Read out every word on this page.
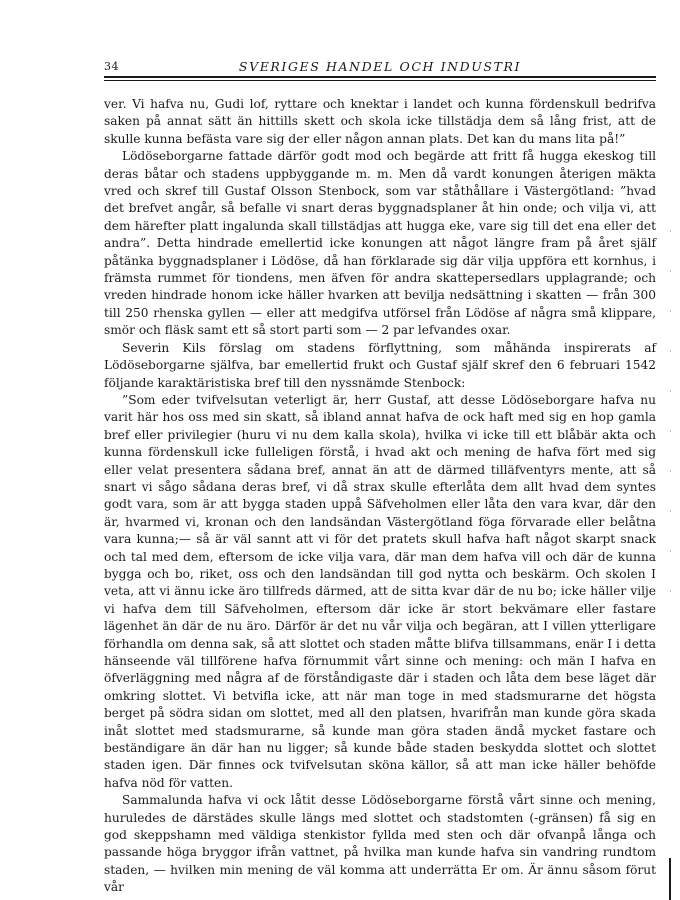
34	SVERIGES HANDEL OCH INDUSTRI

ver. Vi hafva nu, Gudi lof, ryttare och knektar i landet och kunna fördenskull bedrifva saken på annat sätt än hittills skett och skola icke tillstädja dem så lång frist, att de skulle kunna befästa vare sig der eller någon annan plats. Det kan du mans lita på!”

Lödöseborgarne fattade därför godt mod och begärde att fritt få hugga ekeskog till deras båtar och stadens uppbyggande m. m. Men då vardt konungen återigen mäkta vred och skref till Gustaf Olsson Stenbock, som var ståthållare i Västergötland: ”hvad det brefvet angår, så befalle vi snart deras byggnadsplaner åt hin onde; och vilja vi, att dem härefter platt ingalunda skall tillstädjas att hugga eke, vare sig till det ena eller det andra”. Detta hindrade emellertid icke konungen att något längre fram på året själf påtänka byggnadsplaner i Lödöse, då han förklarade sig där vilja uppföra ett kornhus, i främsta rummet för tiondens, men äfven för andra skattepersedlars upplagrande; och vreden hindrade honom icke häller hvarken att bevilja nedsättning i skatten — från 300 till 250 rhenska gyllen — eller att medgifva utförsel från Lödöse af några små klippare, smör och fläsk samt ett så stort parti som — 2 par lefvandes oxar.

Severin Kils förslag om stadens förflyttning, som måhända inspirerats af Lödöseborgarne själfva, bar emellertid frukt och Gustaf själf skref den 6 februari 1542 följande karaktäristiska bref till den nyssnämde Stenbock:

”Som eder tvifvelsutan veterligt är, herr Gustaf, att desse Lödöseborgare hafva nu varit här hos oss med sin skatt, så ibland annat hafva de ock haft med sig en hop gamla bref eller privilegier (huru vi nu dem kalla skola), hvilka vi icke till ett blåbär akta och kunna fördenskull icke fulleligen förstå, i hvad akt och mening de hafva fört med sig eller velat presentera sådana bref, annat än att de därmed tilläfventyrs mente, att så snart vi sågo sådana deras bref, vi då strax skulle efterlåta dem allt hvad dem syntes godt vara, som är att bygga staden uppå Säfveholmen eller låta den vara kvar, där den är, hvarmed vi, kronan och den landsändan Västergötland föga förvarade eller belåtna vara kunna;— så är väl sannt att vi för det pratets skull hafva haft något skarpt snack och tal med dem, eftersom de icke vilja vara, där man dem hafva vill och där de kunna bygga och bo, riket, oss och den landsändan till god nytta och beskärm. Och skolen I veta, att vi ännu icke äro tillfreds därmed, att de sitta kvar där de nu bo; icke häller vilje vi hafva dem till Säfveholmen, eftersom där icke är stort bekvämare eller fastare lägenhet än där de nu äro. Därför är det nu vår vilja och begäran, att I villen ytterligare förhandla om denna sak, så att slottet och staden måtte blifva tillsammans, enär I i detta hänseende väl tillförene hafva förnummit vårt sinne och mening: och män I hafva en öfverläggning med några af de förståndigaste där i staden och låta dem bese läget där omkring slottet. Vi betvifla icke, att när man toge in med stadsmurarne det högsta berget på södra sidan om slottet, med all den platsen, hvarifrån man kunde göra skada inåt slottet med stadsmurarne, så kunde man göra staden ändå mycket fastare och beständigare än där han nu ligger; så kunde både staden beskydda slottet och slottet staden igen. Där finnes ock tvifvelsutan sköna källor, så att man icke häller behöfde hafva nöd för vatten.

Sammalunda hafva vi ock låtit desse Lödöseborgarne förstå vårt sinne och mening, huruledes de därstädes skulle längs med slottet och stadstomten (-gränsen) få sig en god skeppshamn med väldiga stenkistor fyllda med sten och där ofvanpå långa och passande höga bryggor ifrån vattnet, på hvilka man kunde hafva sin vandring rundtom staden, — hvilken min mening de väl komma att underrätta Er om. Är ännu såsom förut vår
